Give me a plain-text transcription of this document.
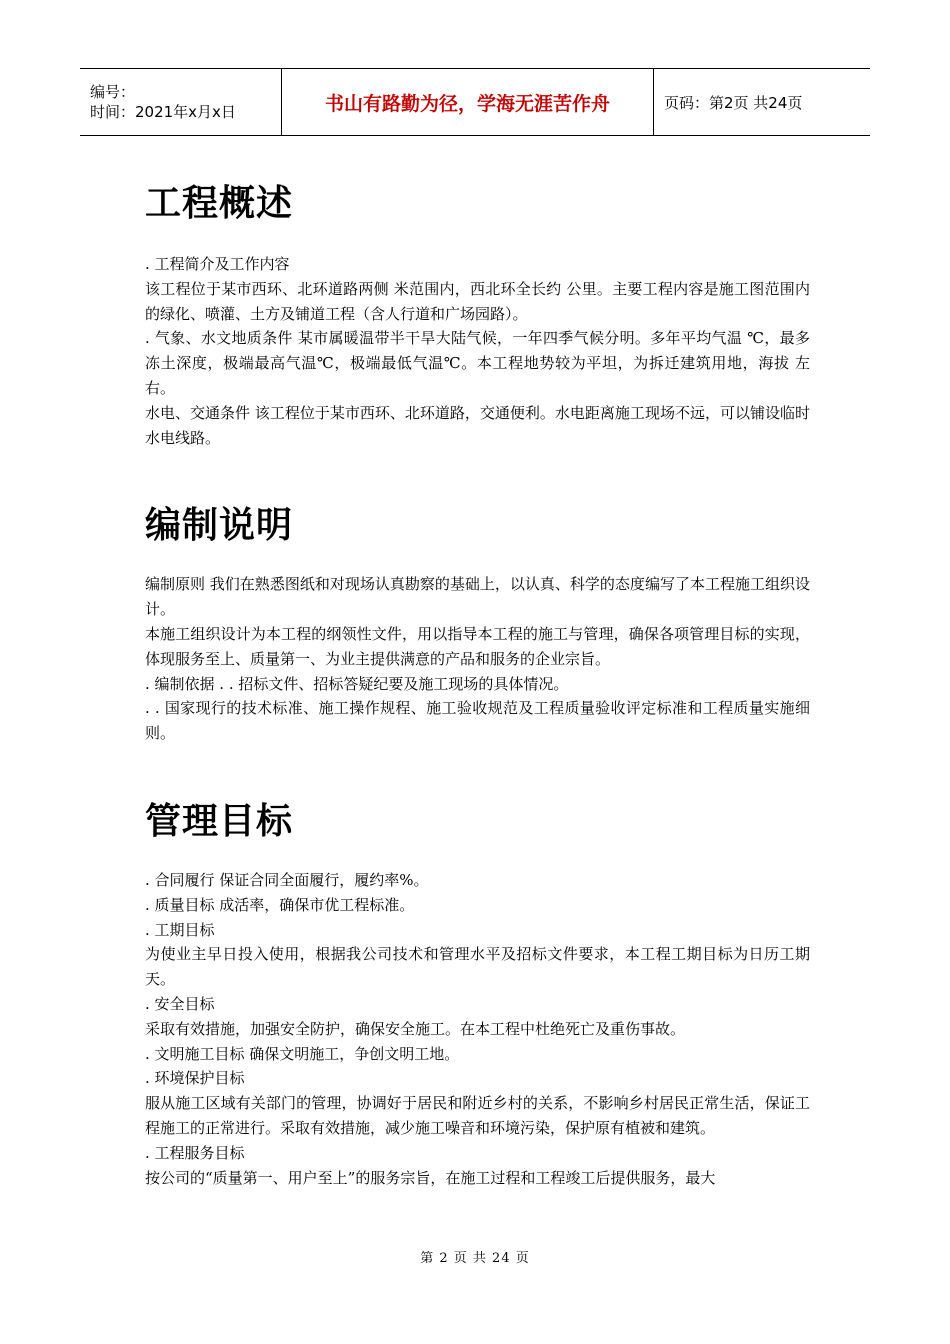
编号：
时间：2021年x月x日	书山有路勤为径，学海无涯苦作舟	页码：第2页 共24页
工程概述

. 工程简介及工作内容

该工程位于某市西环、北环道路两侧 米范围内，西北环全长约 公里。主要工程内容是施工图范围内的绿化、喷灌、土方及铺道工程（含人行道和广场园路）。

. 气象、水文地质条件 某市属暖温带半干旱大陆气候，一年四季气候分明。多年平均气温 ℃，最多冻土深度，极端最高气温℃，极端最低气温℃。本工程地势较为平坦，为拆迁建筑用地，海拔 左右。

水电、交通条件 该工程位于某市西环、北环道路，交通便利。水电距离施工现场不远，可以铺设临时水电线路。

编制说明

编制原则 我们在熟悉图纸和对现场认真勘察的基础上，以认真、科学的态度编写了本工程施工组织设计。

本施工组织设计为本工程的纲领性文件，用以指导本工程的施工与管理，确保各项管理目标的实现，体现服务至上、质量第一、为业主提供满意的产品和服务的企业宗旨。

. 编制依据 . . 招标文件、招标答疑纪要及施工现场的具体情况。

. . 国家现行的技术标准、施工操作规程、施工验收规范及工程质量验收评定标准和工程质量实施细则。

管理目标

. 合同履行 保证合同全面履行，履约率%。

. 质量目标 成活率，确保市优工程标准。

. 工期目标

为使业主早日投入使用，根据我公司技术和管理水平及招标文件要求，本工程工期目标为日历工期 天。

. 安全目标

采取有效措施，加强安全防护，确保安全施工。在本工程中杜绝死亡及重伤事故。

. 文明施工目标 确保文明施工，争创文明工地。

. 环境保护目标

服从施工区域有关部门的管理，协调好于居民和附近乡村的关系，不影响乡村居民正常生活，保证工程施工的正常进行。采取有效措施，减少施工噪音和环境污染，保护原有植被和建筑。

. 工程服务目标

按公司的“质量第一、用户至上”的服务宗旨，在施工过程和工程竣工后提供服务，最大

第 2 页 共 24 页
